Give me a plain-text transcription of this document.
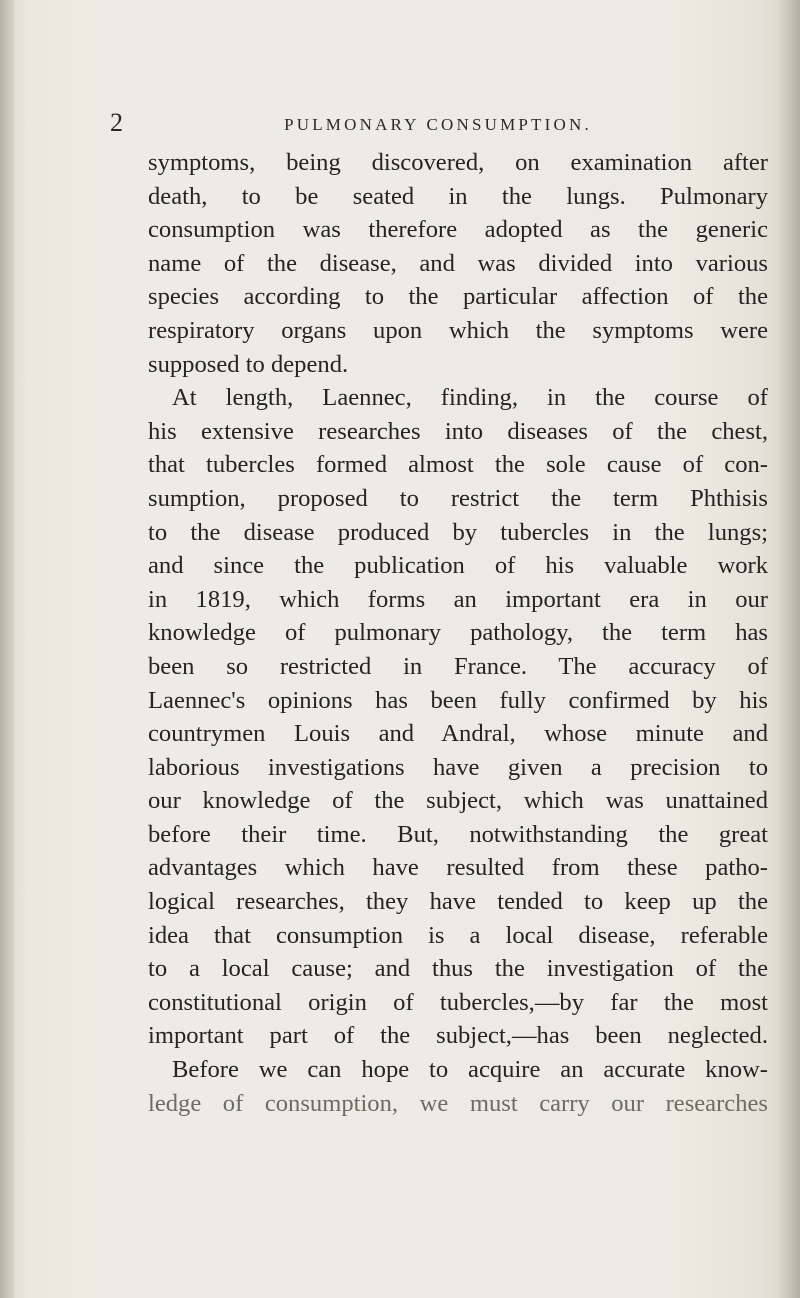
2	PULMONARY CONSUMPTION.
symptoms, being discovered, on examination after
death, to be seated in the lungs. Pulmonary
consumption was therefore adopted as the generic
name of the disease, and was divided into various
species according to the particular affection of the
respiratory organs upon which the symptoms were
supposed to depend.
At length, Laennec, finding, in the course of
his extensive researches into diseases of the chest,
that tubercles formed almost the sole cause of con-
sumption, proposed to restrict the term Phthisis
to the disease produced by tubercles in the lungs;
and since the publication of his valuable work
in 1819, which forms an important era in our
knowledge of pulmonary pathology, the term has
been so restricted in France. The accuracy of
Laennec's opinions has been fully confirmed by his
countrymen Louis and Andral, whose minute and
laborious investigations have given a precision to
our knowledge of the subject, which was unattained
before their time. But, notwithstanding the great
advantages which have resulted from these patho-
logical researches, they have tended to keep up the
idea that consumption is a local disease, referable
to a local cause; and thus the investigation of the
constitutional origin of tubercles,—by far the most
important part of the subject,—has been neglected.
Before we can hope to acquire an accurate know-
ledge of consumption, we must carry our researches
